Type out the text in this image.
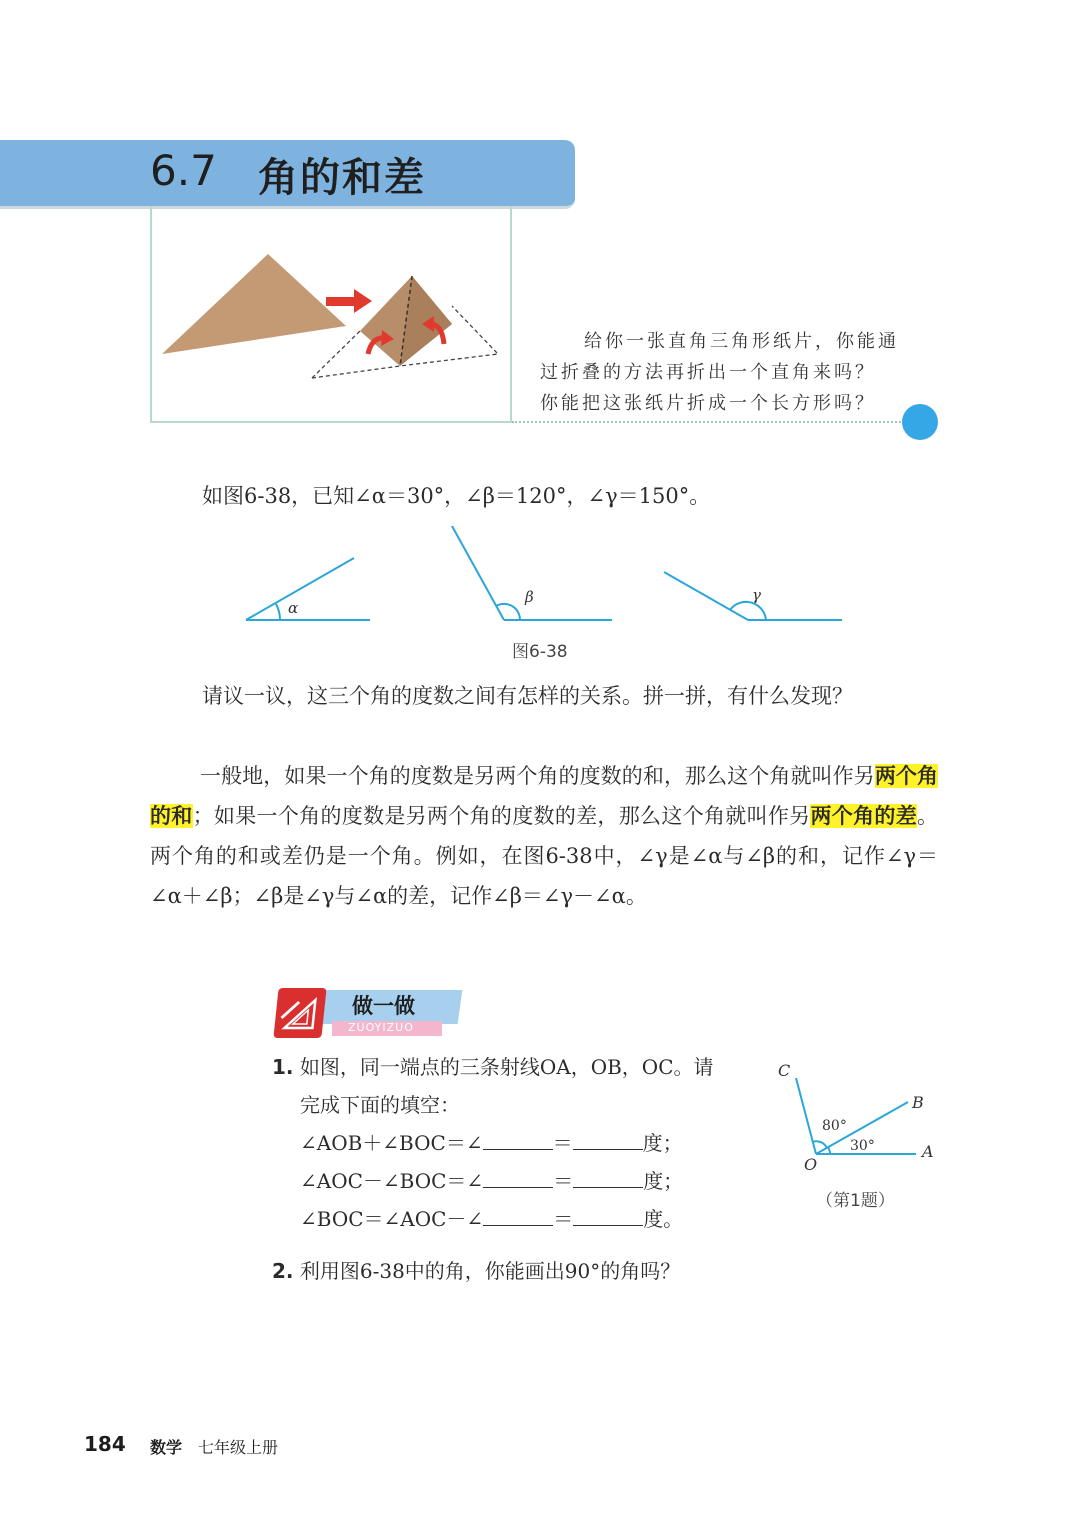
6.7 角的和差

给你一张直角三角形纸片，你能通

过折叠的方法再折出一个直角来吗？

你能把这张纸片折成一个长方形吗？

如图6-38，已知∠α＝30°，∠β＝120°，∠γ＝150°。

α
β	γ
图6-38

请议一议，这三个角的度数之间有怎样的关系。拼一拼，有什么发现？

一般地，如果一个角的度数是另两个角的度数的和，那么这个角就叫作另两个角的和；如果一个角的度数是另两个角的度数的差，那么这个角就叫作另两个角的差。两个角的和或差仍是一个角。例如，在图6-38中，∠γ是∠α与∠β的和，记作∠γ＝∠α＋∠β；∠β是∠γ与∠α的差，记作∠β＝∠γ－∠α。
做一做
ZUOYIZUO
1. 如图，同一端点的三条射线OA，OB，OC。请
完成下面的填空：
∠AOB＋∠BOC＝∠	＝	度；
∠AOC－∠BOC＝∠	＝	度；
∠BOC＝∠AOC－∠	＝	度。
C
B
A
O
80°
30°
（第1题）
2. 利用图6-38中的角，你能画出90°的角吗？
184 数学 七年级上册
